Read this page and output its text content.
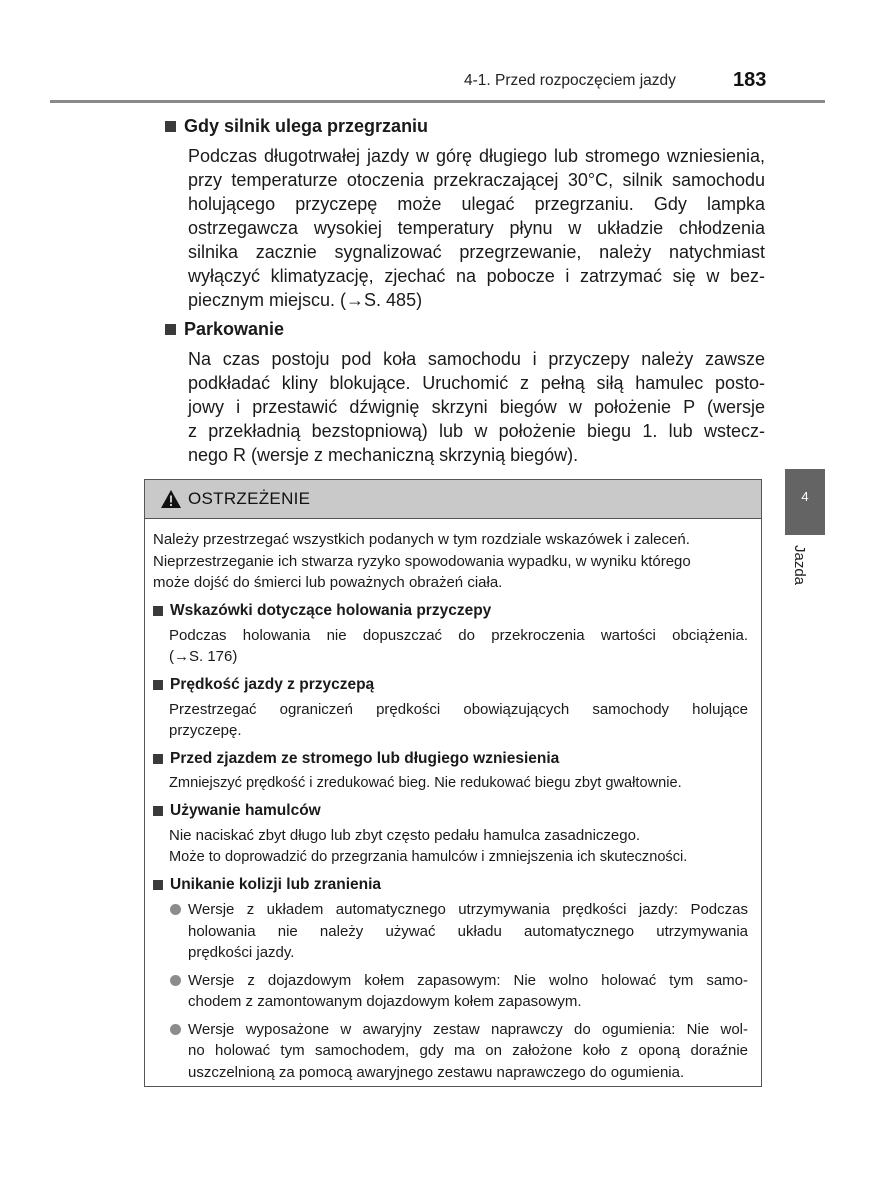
4-1. Przed rozpoczęciem jazdy	183
Gdy silnik ulega przegrzaniu
Podczas długotrwałej jazdy w górę długiego lub stromego wzniesienia,
przy temperaturze otoczenia przekraczającej 30°C, silnik samochodu
holującego przyczepę może ulegać przegrzaniu. Gdy lampka
ostrzegawcza wysokiej temperatury płynu w układzie chłodzenia
silnika zacznie sygnalizować przegrzewanie, należy natychmiast
wyłączyć klimatyzację, zjechać na pobocze i zatrzymać się w bez-
piecznym miejscu. (→S. 485)
Parkowanie
Na czas postoju pod koła samochodu i przyczepy należy zawsze
podkładać kliny blokujące. Uruchomić z pełną siłą hamulec posto-
jowy i przestawić dźwignię skrzyni biegów w położenie P (wersje
z przekładnią bezstopniową) lub w położenie biegu 1. lub wstecz-
nego R (wersje z mechaniczną skrzynią biegów).
4
Jazda
OSTRZEŻENIE
Należy przestrzegać wszystkich podanych w tym rozdziale wskazówek i zaleceń.
Nieprzestrzeganie ich stwarza ryzyko spowodowania wypadku, w wyniku którego
może dojść do śmierci lub poważnych obrażeń ciała.
Wskazówki dotyczące holowania przyczepy
Podczas holowania nie dopuszczać do przekroczenia wartości obciążenia.
(→S. 176)
Prędkość jazdy z przyczepą
Przestrzegać ograniczeń prędkości obowiązujących samochody holujące
przyczepę.
Przed zjazdem ze stromego lub długiego wzniesienia
Zmniejszyć prędkość i zredukować bieg. Nie redukować biegu zbyt gwałtownie.
Używanie hamulców
Nie naciskać zbyt długo lub zbyt często pedału hamulca zasadniczego.
Może to doprowadzić do przegrzania hamulców i zmniejszenia ich skuteczności.
Unikanie kolizji lub zranienia
Wersje z układem automatycznego utrzymywania prędkości jazdy: Podczas
holowania nie należy używać układu automatycznego utrzymywania
prędkości jazdy.
Wersje z dojazdowym kołem zapasowym: Nie wolno holować tym samo-
chodem z zamontowanym dojazdowym kołem zapasowym.
Wersje wyposażone w awaryjny zestaw naprawczy do ogumienia: Nie wol-
no holować tym samochodem, gdy ma on założone koło z oponą doraźnie
uszczelnioną za pomocą awaryjnego zestawu naprawczego do ogumienia.
